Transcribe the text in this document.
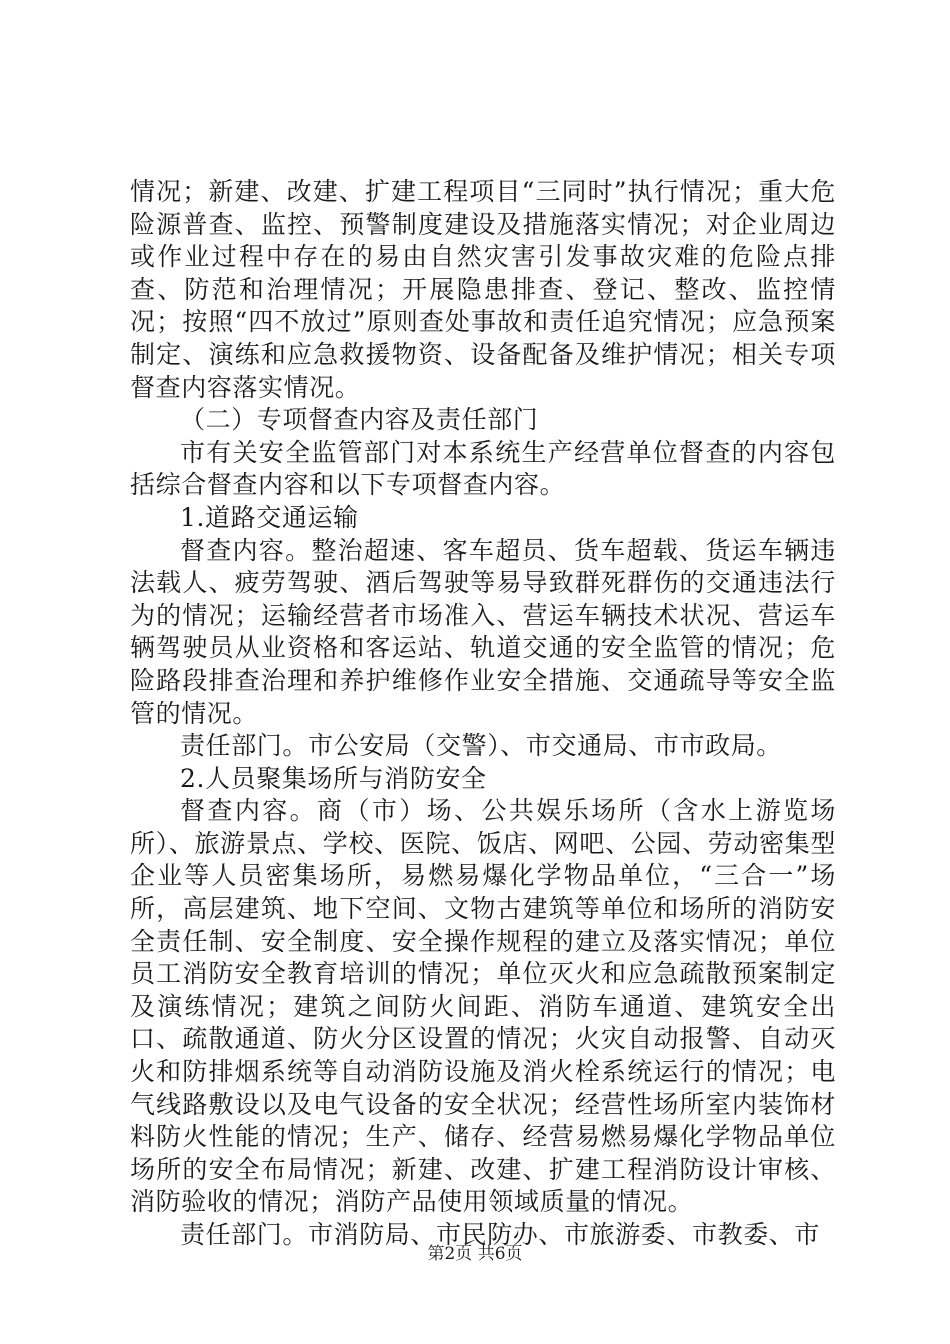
情况；新建、改建、扩建工程项目“三同时”执行情况；重大危险源普查、监控、预警制度建设及措施落实情况；对企业周边或作业过程中存在的易由自然灾害引发事故灾难的危险点排查、防范和治理情况；开展隐患排查、登记、整改、监控情况；按照“四不放过”原则查处事故和责任追究情况；应急预案制定、演练和应急救援物资、设备配备及维护情况；相关专项督查内容落实情况。

（二）专项督查内容及责任部门

市有关安全监管部门对本系统生产经营单位督查的内容包括综合督查内容和以下专项督查内容。

1.道路交通运输

督查内容。整治超速、客车超员、货车超载、货运车辆违法载人、疲劳驾驶、酒后驾驶等易导致群死群伤的交通违法行为的情况；运输经营者市场准入、营运车辆技术状况、营运车辆驾驶员从业资格和客运站、轨道交通的安全监管的情况；危险路段排查治理和养护维修作业安全措施、交通疏导等安全监管的情况。

责任部门。市公安局（交警）、市交通局、市市政局。

2.人员聚集场所与消防安全

督查内容。商（市）场、公共娱乐场所（含水上游览场所）、旅游景点、学校、医院、饭店、网吧、公园、劳动密集型企业等人员密集场所，易燃易爆化学物品单位，“三合一”场所，高层建筑、地下空间、文物古建筑等单位和场所的消防安全责任制、安全制度、安全操作规程的建立及落实情况；单位员工消防安全教育培训的情况；单位灭火和应急疏散预案制定及演练情况；建筑之间防火间距、消防车通道、建筑安全出口、疏散通道、防火分区设置的情况；火灾自动报警、自动灭火和防排烟系统等自动消防设施及消火栓系统运行的情况；电气线路敷设以及电气设备的安全状况；经营性场所室内装饰材料防火性能的情况；生产、储存、经营易燃易爆化学物品单位场所的安全布局情况；新建、改建、扩建工程消防设计审核、消防验收的情况；消防产品使用领域质量的情况。

责任部门。市消防局、市民防办、市旅游委、市教委、市

第2页 共6页
